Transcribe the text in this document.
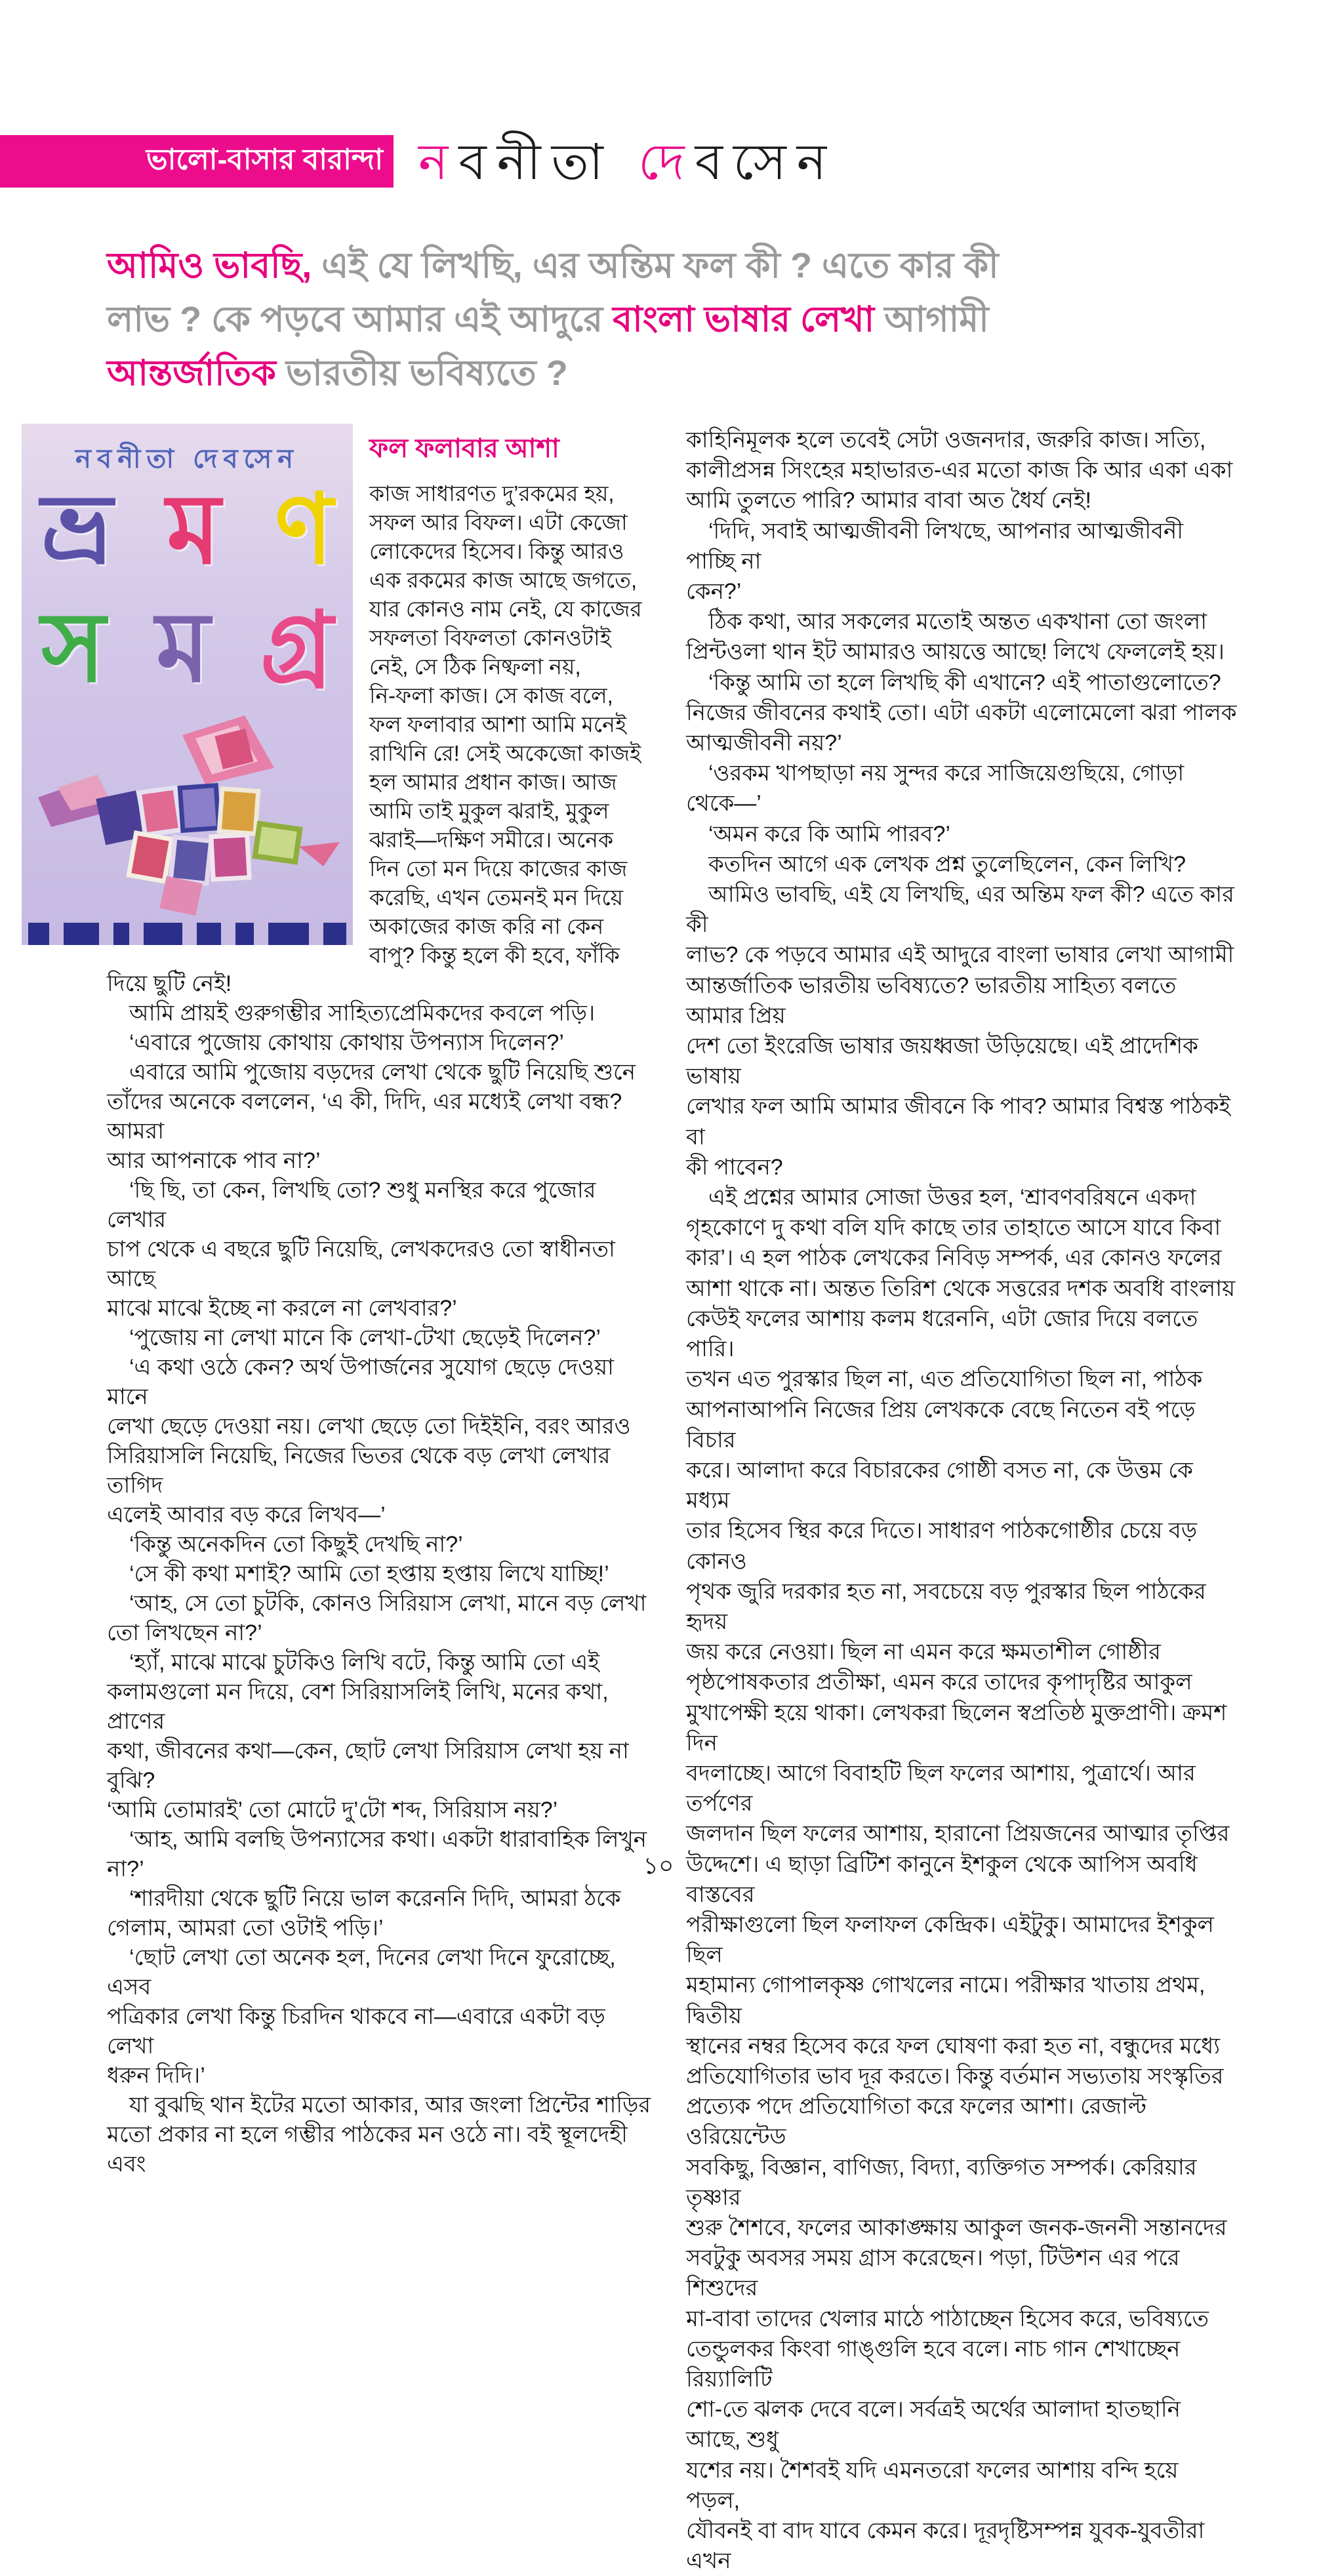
ভালো-বাসার বারান্দা নবনীতা দেবসেন
আমিও ভাবছি, এই যে লিখছি, এর অন্তিম ফল কী ? এতে কার কী
লাভ ? কে পড়বে আমার এই আদুরে বাংলা ভাষার লেখা আগামী
আন্তর্জাতিক ভারতীয় ভবিষ্যতে ?
নবনীতা দেবসেন
ভ্র ম ণ
স ম গ্র
ফল ফলাবার আশা
কাজ সাধারণত দু’রকমের হয়,
সফল আর বিফল। এটা কেজো
লোকেদের হিসেব। কিন্তু আরও
এক রকমের কাজ আছে জগতে,
যার কোনও নাম নেই, যে কাজের
সফলতা বিফলতা কোনওটাই
নেই, সে ঠিক নিষ্ফলা নয়,
নি-ফলা কাজ। সে কাজ বলে,
ফল ফলাবার আশা আমি মনেই
রাখিনি রে! সেই অকেজো কাজই
হল আমার প্রধান কাজ। আজ
আমি তাই মুকুল ঝরাই, মুকুল
ঝরাই—দক্ষিণ সমীরে। অনেক
দিন তো মন দিয়ে কাজের কাজ
করেছি, এখন তেমনই মন দিয়ে
অকাজের কাজ করি না কেন
বাপু? কিন্তু হলে কী হবে, ফাঁকি
দিয়ে ছুটি নেই!
 আমি প্রায়ই গুরুগম্ভীর সাহিত্যপ্রেমিকদের কবলে পড়ি।
 ‘এবারে পুজোয় কোথায় কোথায় উপন্যাস দিলেন?’
 এবারে আমি পুজোয় বড়দের লেখা থেকে ছুটি নিয়েছি শুনে
তাঁদের অনেকে বললেন, ‘এ কী, দিদি, এর মধ্যেই লেখা বন্ধ? আমরা
আর আপনাকে পাব না?’
 ‘ছি ছি, তা কেন, লিখছি তো? শুধু মনস্থির করে পুজোর লেখার
চাপ থেকে এ বছরে ছুটি নিয়েছি, লেখকদেরও তো স্বাধীনতা আছে
মাঝে মাঝে ইচ্ছে না করলে না লেখবার?’
 ‘পুজোয় না লেখা মানে কি লেখা-টেখা ছেড়েই দিলেন?’
 ‘এ কথা ওঠে কেন? অর্থ উপার্জনের সুযোগ ছেড়ে দেওয়া মানে
লেখা ছেড়ে দেওয়া নয়। লেখা ছেড়ে তো দিইইনি, বরং আরও
সিরিয়াসলি নিয়েছি, নিজের ভিতর থেকে বড় লেখা লেখার তাগিদ
এলেই আবার বড় করে লিখব—’
 ‘কিন্তু অনেকদিন তো কিছুই দেখছি না?’
 ‘সে কী কথা মশাই? আমি তো হপ্তায় হপ্তায় লিখে যাচ্ছি!’
 ‘আহ, সে তো চুটকি, কোনও সিরিয়াস লেখা, মানে বড় লেখা
তো লিখছেন না?’
 ‘হ্যাঁ, মাঝে মাঝে চুটকিও লিখি বটে, কিন্তু আমি তো এই
কলামগুলো মন দিয়ে, বেশ সিরিয়াসলিই লিখি, মনের কথা, প্রাণের
কথা, জীবনের কথা—কেন, ছোট লেখা সিরিয়াস লেখা হয় না বুঝি?
‘আমি তোমারই’ তো মোটে দু’টো শব্দ, সিরিয়াস নয়?’
 ‘আহ, আমি বলছি উপন্যাসের কথা। একটা ধারাবাহিক লিখুন না?’
 ‘শারদীয়া থেকে ছুটি নিয়ে ভাল করেননি দিদি, আমরা ঠকে
গেলাম, আমরা তো ওটাই পড়ি।’
 ‘ছোট লেখা তো অনেক হল, দিনের লেখা দিনে ফুরোচ্ছে, এসব
পত্রিকার লেখা কিন্তু চিরদিন থাকবে না—এবারে একটা বড় লেখা
ধরুন দিদি।’
 যা বুঝছি থান ইটের মতো আকার, আর জংলা প্রিন্টের শাড়ির
মতো প্রকার না হলে গম্ভীর পাঠকের মন ওঠে না। বই স্থূলদেহী এবং
কাহিনিমূলক হলে তবেই সেটা ওজনদার, জরুরি কাজ। সত্যি,
কালীপ্রসন্ন সিংহের মহাভারত-এর মতো কাজ কি আর একা একা
আমি তুলতে পারি? আমার বাবা অত ধৈর্য নেই!
 ‘দিদি, সবাই আত্মজীবনী লিখছে, আপনার আত্মজীবনী পাচ্ছি না
কেন?’
 ঠিক কথা, আর সকলের মতোই অন্তত একখানা তো জংলা
প্রিন্টওলা থান ইট আমারও আয়ত্তে আছে! লিখে ফেললেই হয়।
 ‘কিন্তু আমি তা হলে লিখছি কী এখানে? এই পাতাগুলোতে?
নিজের জীবনের কথাই তো। এটা একটা এলোমেলো ঝরা পালক
আত্মজীবনী নয়?’
 ‘ওরকম খাপছাড়া নয় সুন্দর করে সাজিয়েগুছিয়ে, গোড়া থেকে—’
 ‘অমন করে কি আমি পারব?’
 কতদিন আগে এক লেখক প্রশ্ন তুলেছিলেন, কেন লিখি?
 আমিও ভাবছি, এই যে লিখছি, এর অন্তিম ফল কী? এতে কার কী
লাভ? কে পড়বে আমার এই আদুরে বাংলা ভাষার লেখা আগামী
আন্তর্জাতিক ভারতীয় ভবিষ্যতে? ভারতীয় সাহিত্য বলতে আমার প্রিয়
দেশ তো ইংরেজি ভাষার জয়ধ্বজা উড়িয়েছে। এই প্রাদেশিক ভাষায়
লেখার ফল আমি আমার জীবনে কি পাব? আমার বিশ্বস্ত পাঠকই বা
কী পাবেন?
 এই প্রশ্নের আমার সোজা উত্তর হল, ‘শ্রাবণবরিষনে একদা
গৃহকোণে দু কথা বলি যদি কাছে তার তাহাতে আসে যাবে কিবা
কার’। এ হল পাঠক লেখকের নিবিড় সম্পর্ক, এর কোনও ফলের
আশা থাকে না। অন্তত তিরিশ থেকে সত্তরের দশক অবধি বাংলায়
কেউই ফলের আশায় কলম ধরেননি, এটা জোর দিয়ে বলতে পারি।
তখন এত পুরস্কার ছিল না, এত প্রতিযোগিতা ছিল না, পাঠক
আপনাআপনি নিজের প্রিয় লেখককে বেছে নিতেন বই পড়ে বিচার
করে। আলাদা করে বিচারকের গোষ্ঠী বসত না, কে উত্তম কে মধ্যম
তার হিসেব স্থির করে দিতে। সাধারণ পাঠকগোষ্ঠীর চেয়ে বড় কোনও
পৃথক জুরি দরকার হত না, সবচেয়ে বড় পুরস্কার ছিল পাঠকের হৃদয়
জয় করে নেওয়া। ছিল না এমন করে ক্ষমতাশীল গোষ্ঠীর
পৃষ্ঠপোষকতার প্রতীক্ষা, এমন করে তাদের কৃপাদৃষ্টির আকুল
মুখাপেক্ষী হয়ে থাকা। লেখকরা ছিলেন স্বপ্রতিষ্ঠ মুক্তপ্রাণী। ক্রমশ দিন
বদলাচ্ছে। আগে বিবাহটি ছিল ফলের আশায়, পুত্রার্থে। আর তর্পণের
জলদান ছিল ফলের আশায়, হারানো প্রিয়জনের আত্মার তৃপ্তির
উদ্দেশে। এ ছাড়া ব্রিটিশ কানুনে ইশকুল থেকে আপিস অবধি বাস্তবের
পরীক্ষাগুলো ছিল ফলাফল কেন্দ্রিক। এইটুকু। আমাদের ইশকুল ছিল
মহামান্য গোপালকৃষ্ণ গোখলের নামে। পরীক্ষার খাতায় প্রথম, দ্বিতীয়
স্থানের নম্বর হিসেব করে ফল ঘোষণা করা হত না, বন্ধুদের মধ্যে
প্রতিযোগিতার ভাব দূর করতে। কিন্তু বর্তমান সভ্যতায় সংস্কৃতির
প্রত্যেক পদে প্রতিযোগিতা করে ফলের আশা। রেজাল্ট ওরিয়েন্টেড
সবকিছু, বিজ্ঞান, বাণিজ্য, বিদ্যা, ব্যক্তিগত সম্পর্ক। কেরিয়ার তৃষ্ণার
শুরু শৈশবে, ফলের আকাঙ্ক্ষায় আকুল জনক-জননী সন্তানদের
সবটুকু অবসর সময় গ্রাস করেছেন। পড়া, টিউশন এর পরে শিশুদের
মা-বাবা তাদের খেলার মাঠে পাঠাচ্ছেন হিসেব করে, ভবিষ্যতে
তেন্ডুলকর কিংবা গাঙ্গুলি হবে বলে। নাচ গান শেখাচ্ছেন রিয়্যালিটি
শো-তে ঝলক দেবে বলে। সর্বত্রই অর্থের আলাদা হাতছানি আছে, শুধু
যশের নয়। শৈশবই যদি এমনতরো ফলের আশায় বন্দি হয়ে পড়ল,
যৌবনই বা বাদ যাবে কেমন করে। দূরদৃষ্টিসম্পন্ন যুবক-যুবতীরা এখন
১০
